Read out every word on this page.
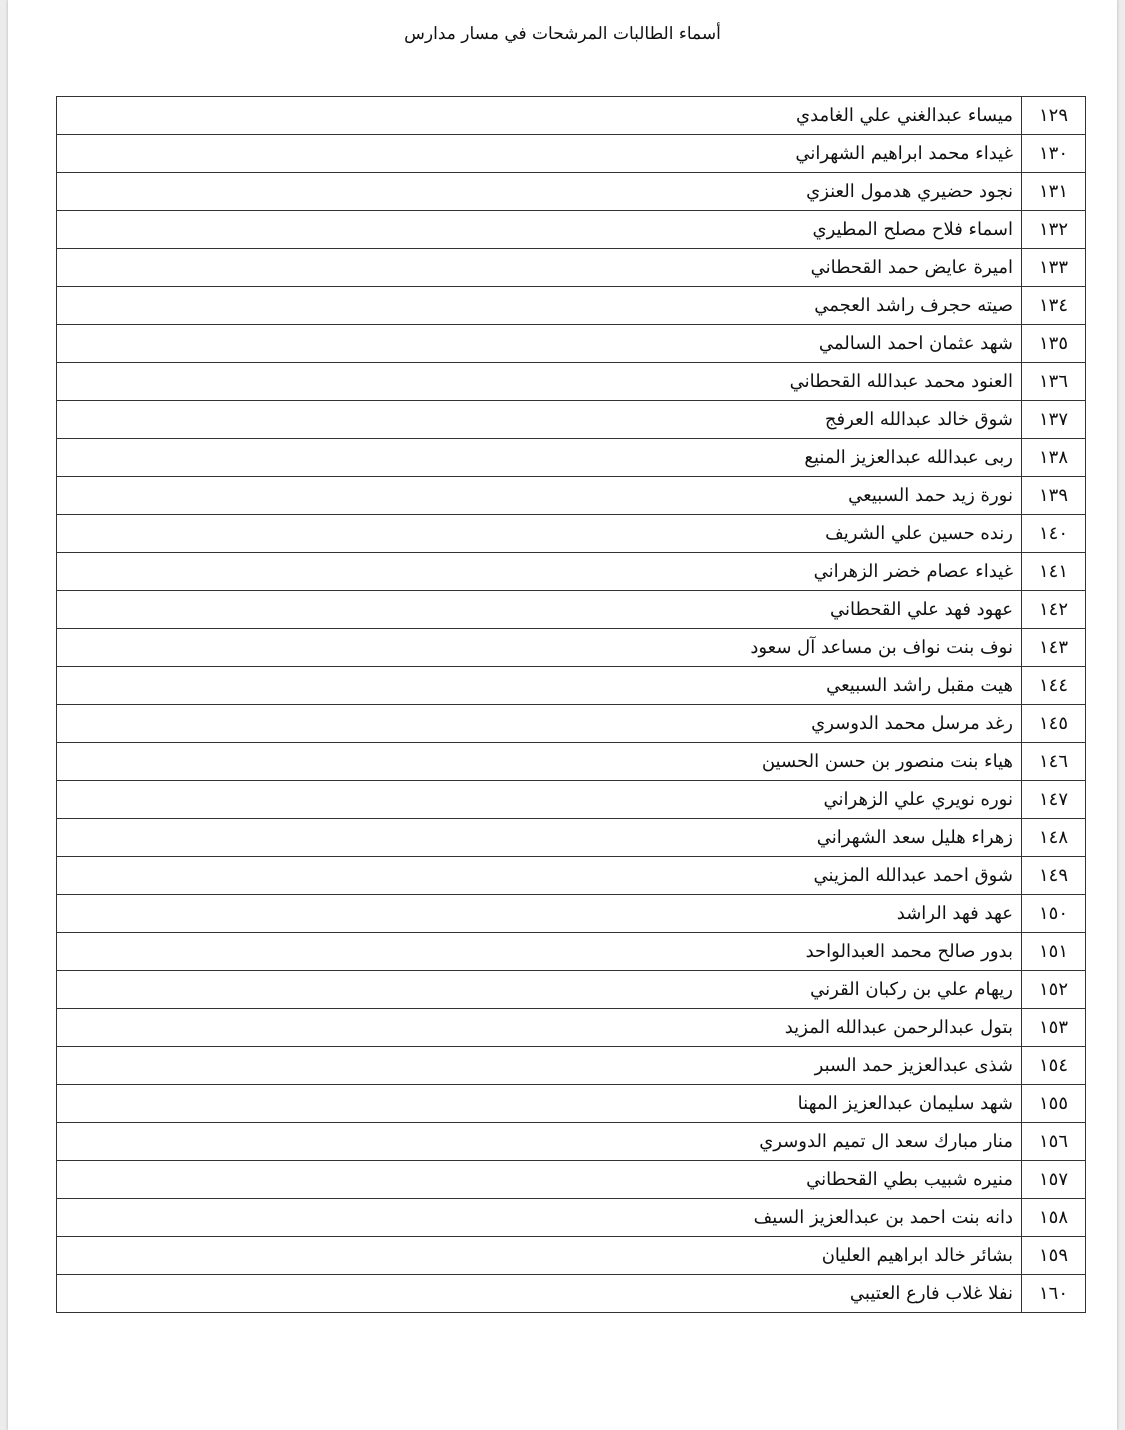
أسماء الطالبات المرشحات في مسار مدارس
١٢٩	ميساء عبدالغني علي الغامدي
١٣٠	غيداء محمد ابراهيم الشهراني
١٣١	نجود حضيري هدمول العنزي
١٣٢	اسماء فلاح مصلح المطيري
١٣٣	اميرة عايض حمد القحطاني
١٣٤	صيته حجرف راشد العجمي
١٣٥	شهد عثمان احمد السالمي
١٣٦	العنود محمد عبدالله القحطاني
١٣٧	شوق خالد عبدالله العرفج
١٣٨	ربى عبدالله عبدالعزيز المنيع
١٣٩	نورة زيد حمد السبيعي
١٤٠	رنده حسين علي الشريف
١٤١	غيداء عصام خضر الزهراني
١٤٢	عهود فهد علي القحطاني
١٤٣	نوف بنت نواف بن مساعد آل سعود
١٤٤	هيت مقبل راشد السبيعي
١٤٥	رغد مرسل محمد الدوسري
١٤٦	هياء بنت منصور بن حسن الحسين
١٤٧	نوره نويري علي الزهراني
١٤٨	زهراء هليل سعد الشهراني
١٤٩	شوق احمد عبدالله المزيني
١٥٠	عهد فهد الراشد
١٥١	بدور صالح محمد العبدالواحد
١٥٢	ريهام علي بن ركبان القرني
١٥٣	بتول عبدالرحمن عبدالله المزيد
١٥٤	شذى عبدالعزيز حمد السبر
١٥٥	شهد سليمان عبدالعزيز المهنا
١٥٦	منار مبارك سعد ال تميم الدوسري
١٥٧	منيره شبيب بطي القحطاني
١٥٨	دانه بنت احمد بن عبدالعزيز السيف
١٥٩	بشائر خالد ابراهيم العليان
١٦٠	نفلا غلاب فارع العتيبي
